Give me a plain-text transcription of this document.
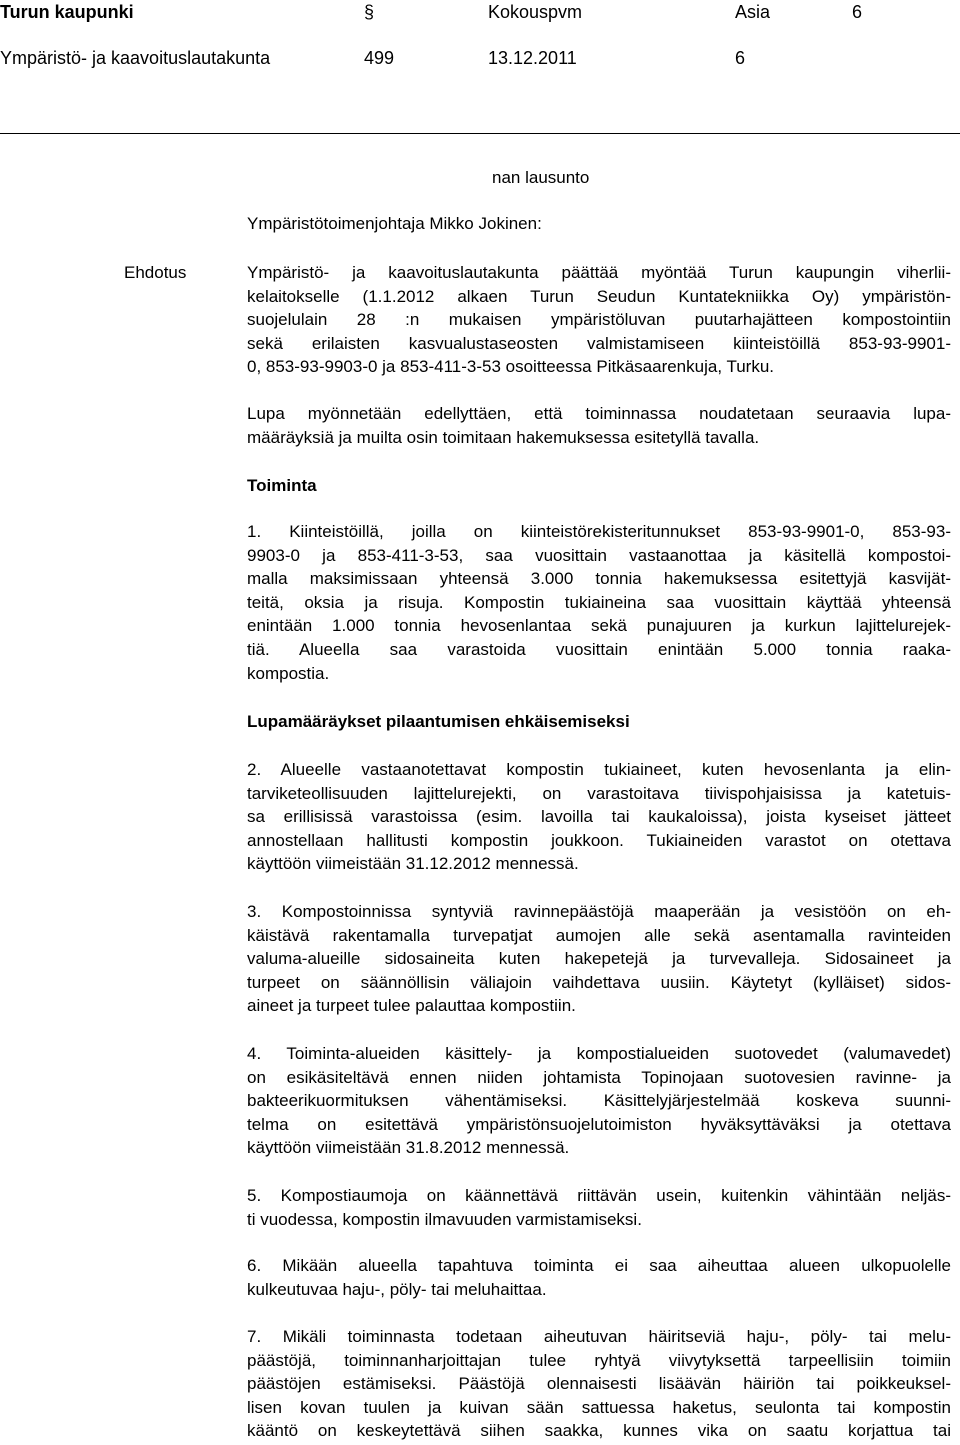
Turun kaupunki	§	Kokouspvm	Asia	6
Ympäristö- ja kaavoituslautakunta	499	13.12.2011	6
nan lausunto
Ympäristötoimenjohtaja Mikko Jokinen:
Ehdotus	Ympäristö- ja kaavoituslautakunta päättää myöntää Turun kaupungin viherlii-
kelaitokselle (1.1.2012 alkaen Turun Seudun Kuntatekniikka Oy) ympäristön-
suojelulain 28 :n mukaisen ympäristöluvan puutarhajätteen kompostointiin
sekä erilaisten kasvualustaseosten valmistamiseen kiinteistöillä 853-93-9901-
0, 853-93-9903-0 ja 853-411-3-53 osoitteessa Pitkäsaarenkuja, Turku.
Lupa myönnetään edellyttäen, että toiminnassa noudatetaan seuraavia lupa-
määräyksiä ja muilta osin toimitaan hakemuksessa esitetyllä tavalla.
Toiminta
1. Kiinteistöillä, joilla on kiinteistörekisteritunnukset 853-93-9901-0, 853-93-
9903-0 ja 853-411-3-53, saa vuosittain vastaanottaa ja käsitellä kompostoi-
malla maksimissaan yhteensä 3.000 tonnia hakemuksessa esitettyjä kasvijät-
teitä, oksia ja risuja. Kompostin tukiaineina saa vuosittain käyttää yhteensä
enintään 1.000 tonnia hevosenlantaa sekä punajuuren ja kurkun lajittelurejek-
tiä. Alueella saa varastoida vuosittain enintään 5.000 tonnia raaka-
kompostia.
Lupamääräykset pilaantumisen ehkäisemiseksi
2. Alueelle vastaanotettavat kompostin tukiaineet, kuten hevosenlanta ja elin-
tarviketeollisuuden lajittelurejekti, on varastoitava tiivispohjaisissa ja katetuis-
sa erillisissä varastoissa (esim. lavoilla tai kaukaloissa), joista kyseiset jätteet
annostellaan hallitusti kompostin joukkoon. Tukiaineiden varastot on otettava
käyttöön viimeistään 31.12.2012 mennessä.
3. Kompostoinnissa syntyviä ravinnepäästöjä maaperään ja vesistöön on eh-
käistävä rakentamalla turvepatjat aumojen alle sekä asentamalla ravinteiden
valuma-alueille sidosaineita kuten hakepetejä ja turvevalleja. Sidosaineet ja
turpeet on säännöllisin väliajoin vaihdettava uusiin. Käytetyt (kylläiset) sidos-
aineet ja turpeet tulee palauttaa kompostiin.
4. Toiminta-alueiden käsittely- ja kompostialueiden suotovedet (valumavedet)
on esikäsiteltävä ennen niiden johtamista Topinojaan suotovesien ravinne- ja
bakteerikuormituksen vähentämiseksi. Käsittelyjärjestelmää koskeva suunni-
telma on esitettävä ympäristönsuojelutoimiston hyväksyttäväksi ja otettava
käyttöön viimeistään 31.8.2012 mennessä.
5. Kompostiaumoja on käännettävä riittävän usein, kuitenkin vähintään neljäs-
ti vuodessa, kompostin ilmavuuden varmistamiseksi.
6. Mikään alueella tapahtuva toiminta ei saa aiheuttaa alueen ulkopuolelle
kulkeutuvaa haju-, pöly- tai meluhaittaa.
7. Mikäli toiminnasta todetaan aiheutuvan häiritseviä haju-, pöly- tai melu-
päästöjä, toiminnanharjoittajan tulee ryhtyä viivytyksettä tarpeellisiin toimiin
päästöjen estämiseksi. Päästöjä olennaisesti lisäävän häiriön tai poikkeuksel-
lisen kovan tuulen ja kuivan sään sattuessa haketus, seulonta tai kompostin
kääntö on keskeytettävä siihen saakka, kunnes vika on saatu korjattua tai
